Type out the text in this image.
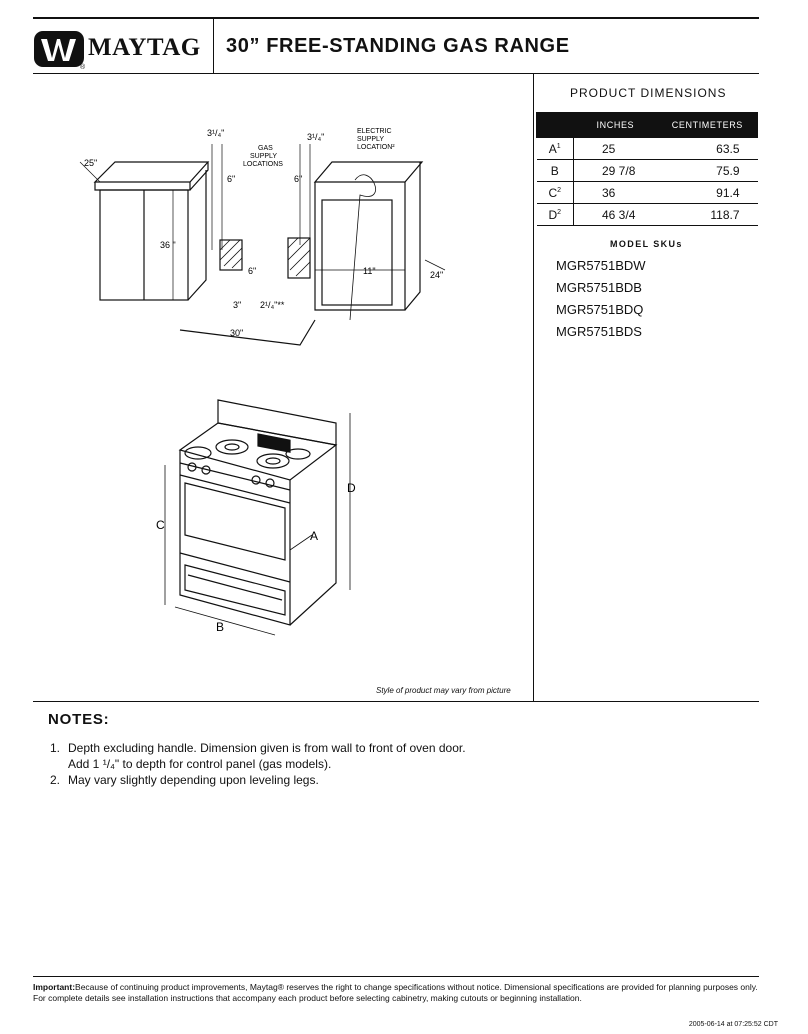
MAYTAG
®
30” FREE-STANDING GAS RANGE
3¹/₄"	3¹/₄"
GAS
SUPPLY
LOCATIONS
ELECTRIC
SUPPLY
LOCATION²
25"
36 "
6"	6"
6"
3" 2¹/₄"**
11"	24"
30"
D
C
A
B
Style of product may vary from picture
PRODUCT DIMENSIONS
	INCHES	CENTIMETERS
$A^1$	25	63.5
B	29 7/8	75.9
$C^2$	36	91.4
$D^2$	46 3/4	118.7
MODEL SKUs
MGR5751BDW
MGR5751BDB
MGR5751BDQ
MGR5751BDS
NOTES:
1. Depth excluding handle. Dimension given is from wall to front of oven door.
Add 1 ¹/₄" to depth for control panel (gas models).
2. May vary slightly depending upon leveling legs.
Important:Because of continuing product improvements, Maytag® reserves the right to change specifications without notice. Dimensional specifications are provided for planning purposes only. For complete details see installation instructions that accompany each product before selecting cabinetry, making cutouts or beginning installation.
2005-06-14 at 07:25:52 CDT
